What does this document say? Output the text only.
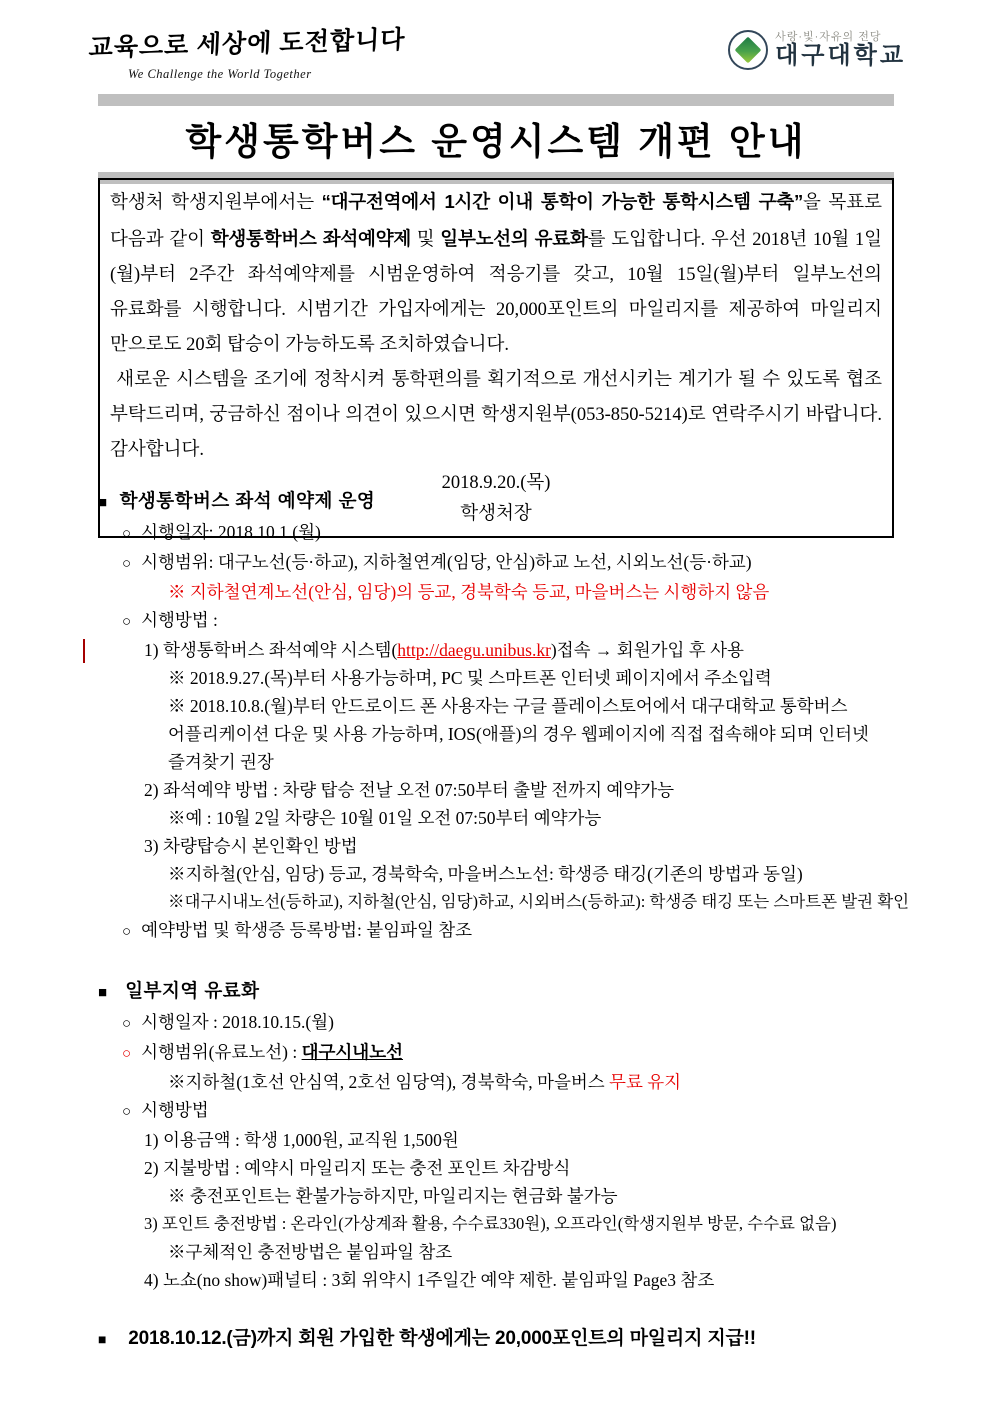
교육으로 세상에 도전합니다
We Challenge the World Together
사랑·빛·자유의 전당
대구대학교
학생통학버스 운영시스템 개편 안내

학생처 학생지원부에서는 “대구전역에서 1시간 이내 통학이 가능한 통학시스템 구축”을 목표로 다음과 같이 학생통학버스 좌석예약제 및 일부노선의 유료화를 도입합니다. 우선 2018년 10월 1일(월)부터 2주간 좌석예약제를 시범운영하여 적응기를 갖고, 10월 15일(월)부터 일부노선의 유료화를 시행합니다. 시범기간 가입자에게는 20,000포인트의 마일리지를 제공하여 마일리지 만으로도 20회 탑승이 가능하도록 조치하였습니다.

새로운 시스템을 조기에 정착시켜 통학편의를 획기적으로 개선시키는 계기가 될 수 있도록 협조 부탁드리며, 궁금하신 점이나 의견이 있으시면 학생지원부(053-850-5214)로 연락주시기 바랍니다. 감사합니다.

2018.9.20.(목)

학생처장

■ 학생통학버스 좌석 예약제 운영
○ 시행일자: 2018.10.1.(월)
○ 시행범위: 대구노선(등·하교), 지하철연계(임당, 안심)하교 노선, 시외노선(등·하교)
※ 지하철연계노선(안심, 임당)의 등교, 경북학숙 등교, 마을버스는 시행하지 않음
○ 시행방법 :
1) 학생통학버스 좌석예약 시스템(http://daegu.unibus.kr)접속 → 회원가입 후 사용
※ 2018.9.27.(목)부터 사용가능하며, PC 및 스마트폰 인터넷 페이지에서 주소입력
※ 2018.10.8.(월)부터 안드로이드 폰 사용자는 구글 플레이스토어에서 대구대학교 통학버스 어플리케이션 다운 및 사용 가능하며, IOS(애플)의 경우 웹페이지에 직접 접속해야 되며 인터넷 즐겨찾기 권장
2) 좌석예약 방법 : 차량 탑승 전날 오전 07:50부터 출발 전까지 예약가능
※예 : 10월 2일 차량은 10월 01일 오전 07:50부터 예약가능
3) 차량탑승시 본인확인 방법
※지하철(안심, 임당) 등교, 경북학숙, 마을버스노선: 학생증 태깅(기존의 방법과 동일)
※대구시내노선(등하교), 지하철(안심, 임당)하교, 시외버스(등하교): 학생증 태깅 또는 스마트폰 발권 확인
○ 예약방법 및 학생증 등록방법: 붙임파일 참조
■ 일부지역 유료화
○ 시행일자 : 2018.10.15.(월)
○ 시행범위(유료노선) : 대구시내노선
※지하철(1호선 안심역, 2호선 임당역), 경북학숙, 마을버스 무료 유지
○ 시행방법
1) 이용금액 : 학생 1,000원, 교직원 1,500원
2) 지불방법 : 예약시 마일리지 또는 충전 포인트 차감방식
※ 충전포인트는 환불가능하지만, 마일리지는 현금화 불가능
3) 포인트 충전방법 : 온라인(가상계좌 활용, 수수료330원), 오프라인(학생지원부 방문, 수수료 없음)
※구체적인 충전방법은 붙임파일 참조
4) 노쇼(no show)패널티 : 3회 위약시 1주일간 예약 제한. 붙임파일 Page3 참조
■ 2018.10.12.(금)까지 회원 가입한 학생에게는 20,000포인트의 마일리지 지급!!
